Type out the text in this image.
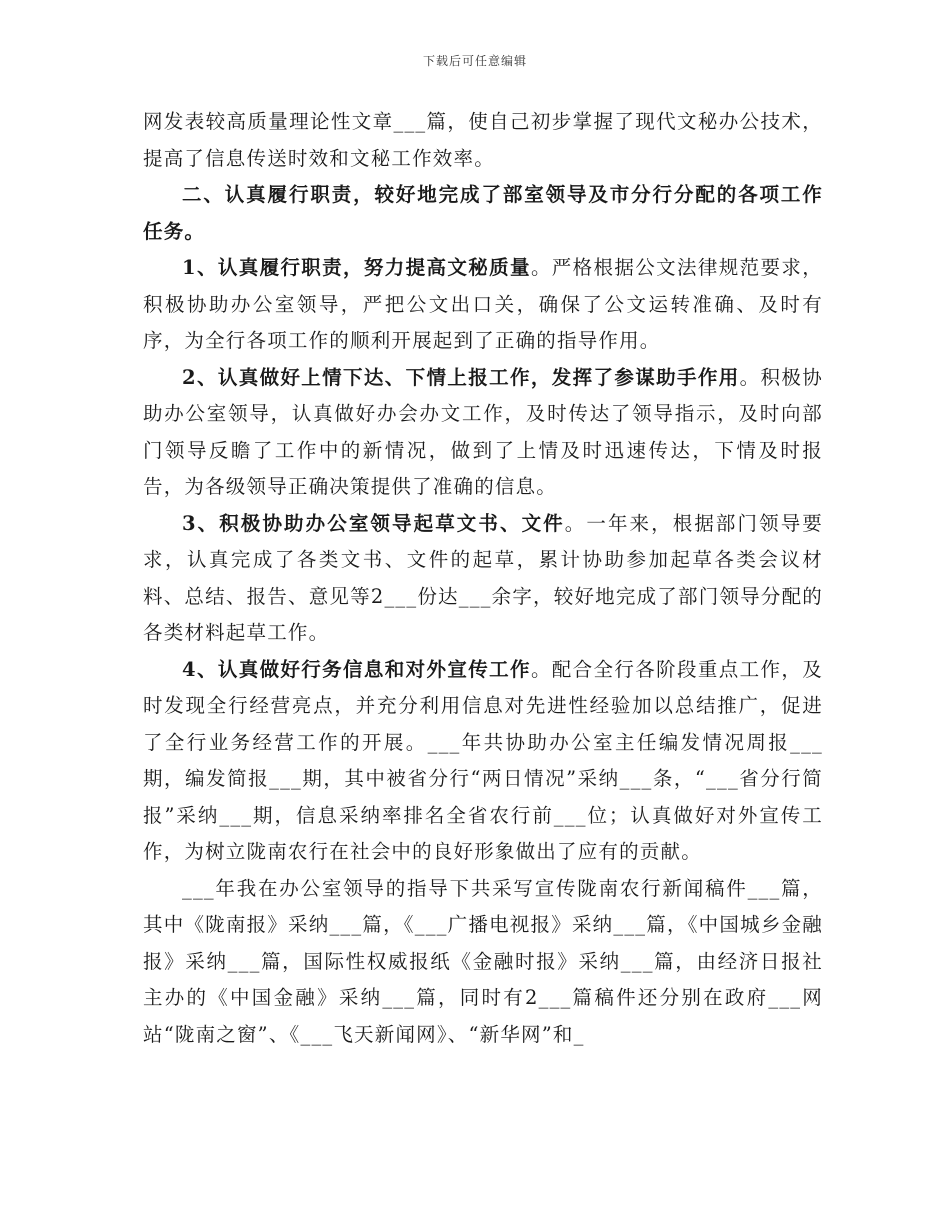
下载后可任意编辑

网发表较高质量理论性文章___篇，使自己初步掌握了现代文秘办公技术，提高了信息传送时效和文秘工作效率。

二、认真履行职责，较好地完成了部室领导及市分行分配的各项工作任务。

1、认真履行职责，努力提高文秘质量。严格根据公文法律规范要求，积极协助办公室领导，严把公文出口关，确保了公文运转准确、及时有序，为全行各项工作的顺利开展起到了正确的指导作用。

2、认真做好上情下达、下情上报工作，发挥了参谋助手作用。积极协助办公室领导，认真做好办会办文工作，及时传达了领导指示，及时向部门领导反瞻了工作中的新情况，做到了上情及时迅速传达，下情及时报告，为各级领导正确决策提供了准确的信息。

3、积极协助办公室领导起草文书、文件。一年来，根据部门领导要求，认真完成了各类文书、文件的起草，累计协助参加起草各类会议材料、总结、报告、意见等2___份达___余字，较好地完成了部门领导分配的各类材料起草工作。

4、认真做好行务信息和对外宣传工作。配合全行各阶段重点工作，及时发现全行经营亮点，并充分利用信息对先进性经验加以总结推广，促进了全行业务经营工作的开展。___年共协助办公室主任编发情况周报___期，编发简报___期，其中被省分行“两日情况”采纳___条，“___省分行简报”采纳___期，信息采纳率排名全省农行前___位；认真做好对外宣传工作，为树立陇南农行在社会中的良好形象做出了应有的贡献。

___年我在办公室领导的指导下共采写宣传陇南农行新闻稿件___篇，其中《陇南报》采纳___篇，《___广播电视报》采纳___篇，《中国城乡金融报》采纳___篇，国际性权威报纸《金融时报》采纳___篇，由经济日报社主办的《中国金融》采纳___篇，同时有2___篇稿件还分别在政府___网站“陇南之窗”、《___飞天新闻网》、“新华网”和_
